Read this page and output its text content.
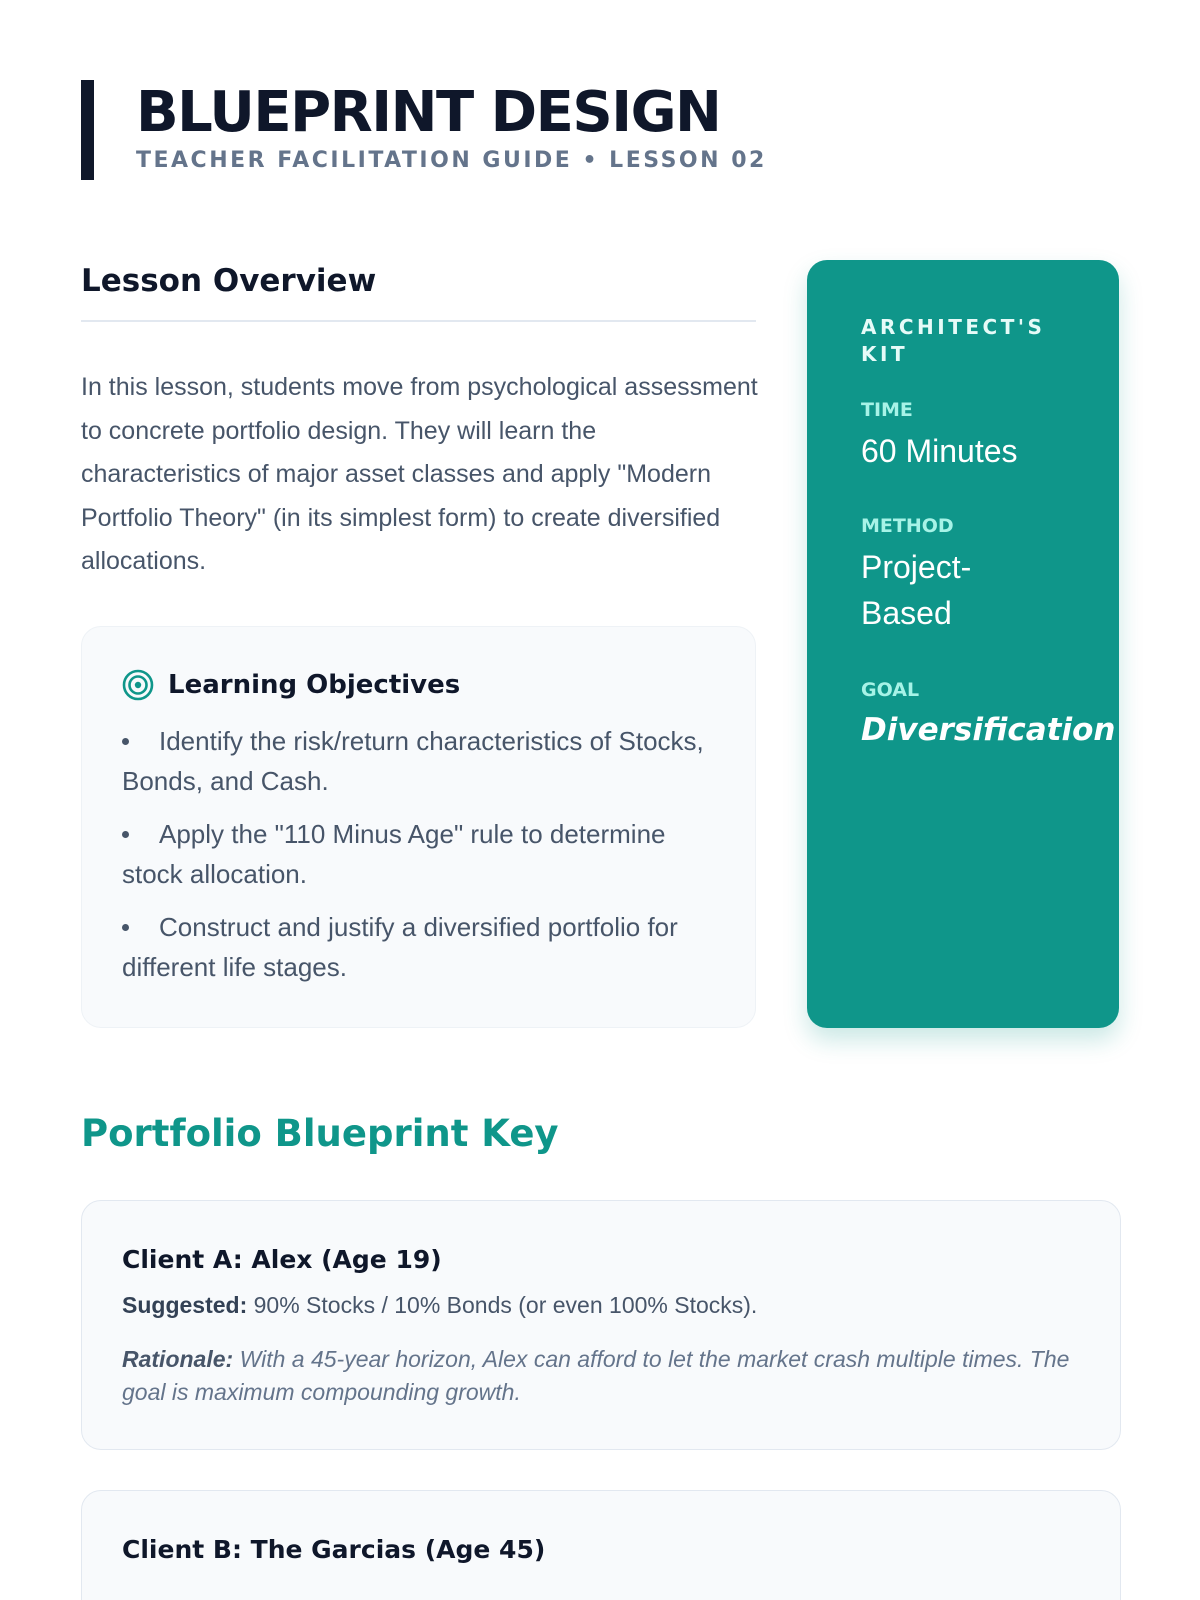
BLUEPRINT DESIGN
TEACHER FACILITATION GUIDE • LESSON 02
Lesson Overview

In this lesson, students move from psychological assessment to concrete portfolio design. They will learn the characteristics of major asset classes and apply "Modern Portfolio Theory" (in its simplest form) to create diversified allocations.

Learning Objectives
Identify the risk/return characteristics of Stocks, Bonds, and Cash.
Apply the "110 Minus Age" rule to determine stock allocation.
Construct and justify a diversified portfolio for different life stages.
ARCHITECT'S KIT
TIME
60 Minutes
METHOD
Project-Based
GOAL
Diversification
Portfolio Blueprint Key
Client A: Alex (Age 19)

Suggested: 90% Stocks / 10% Bonds (or even 100% Stocks).

Rationale: With a 45-year horizon, Alex can afford to let the market crash multiple times. The goal is maximum compounding growth.

Client B: The Garcias (Age 45)
